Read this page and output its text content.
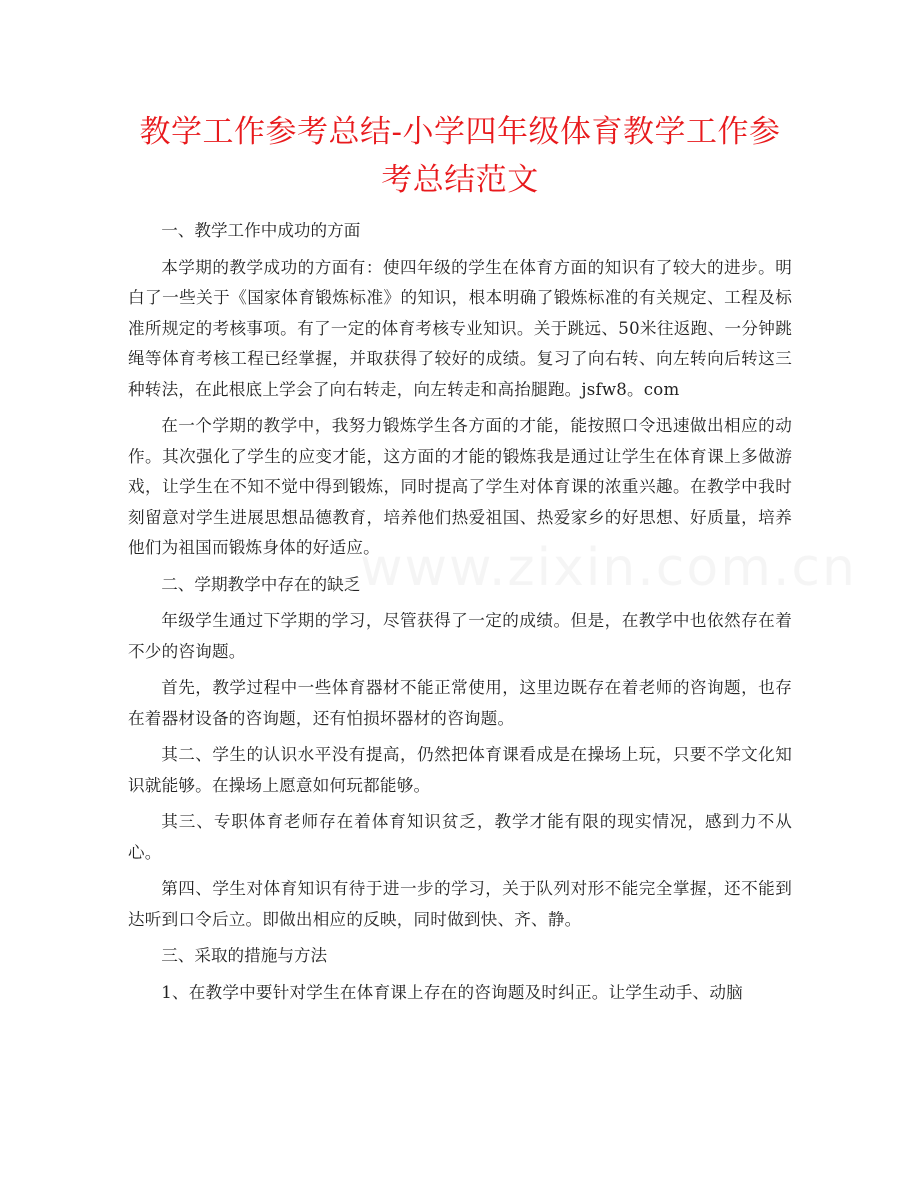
教学工作参考总结-小学四年级体育教学工作参考总结范文

一、教学工作中成功的方面

本学期的教学成功的方面有：使四年级的学生在体育方面的知识有了较大的进步。明白了一些关于《国家体育锻炼标准》的知识，根本明确了锻炼标准的有关规定、工程及标准所规定的考核事项。有了一定的体育考核专业知识。关于跳远、50米往返跑、一分钟跳绳等体育考核工程已经掌握，并取获得了较好的成绩。复习了向右转、向左转向后转这三种转法，在此根底上学会了向右转走，向左转走和高抬腿跑。jsfw8。com

在一个学期的教学中，我努力锻炼学生各方面的才能，能按照口令迅速做出相应的动作。其次强化了学生的应变才能，这方面的才能的锻炼我是通过让学生在体育课上多做游戏，让学生在不知不觉中得到锻炼，同时提高了学生对体育课的浓重兴趣。在教学中我时刻留意对学生进展思想品德教育，培养他们热爱祖国、热爱家乡的好思想、好质量，培养他们为祖国而锻炼身体的好适应。

二、学期教学中存在的缺乏

年级学生通过下学期的学习，尽管获得了一定的成绩。但是，在教学中也依然存在着不少的咨询题。

首先，教学过程中一些体育器材不能正常使用，这里边既存在着老师的咨询题，也存在着器材设备的咨询题，还有怕损坏器材的咨询题。

其二、学生的认识水平没有提高，仍然把体育课看成是在操场上玩，只要不学文化知识就能够。在操场上愿意如何玩都能够。

其三、专职体育老师存在着体育知识贫乏，教学才能有限的现实情况，感到力不从心。

第四、学生对体育知识有待于进一步的学习，关于队列对形不能完全掌握，还不能到达听到口令后立。即做出相应的反映，同时做到快、齐、静。

三、采取的措施与方法

1、在教学中要针对学生在体育课上存在的咨询题及时纠正。让学生动手、动脑

www.zixin.com.cn
